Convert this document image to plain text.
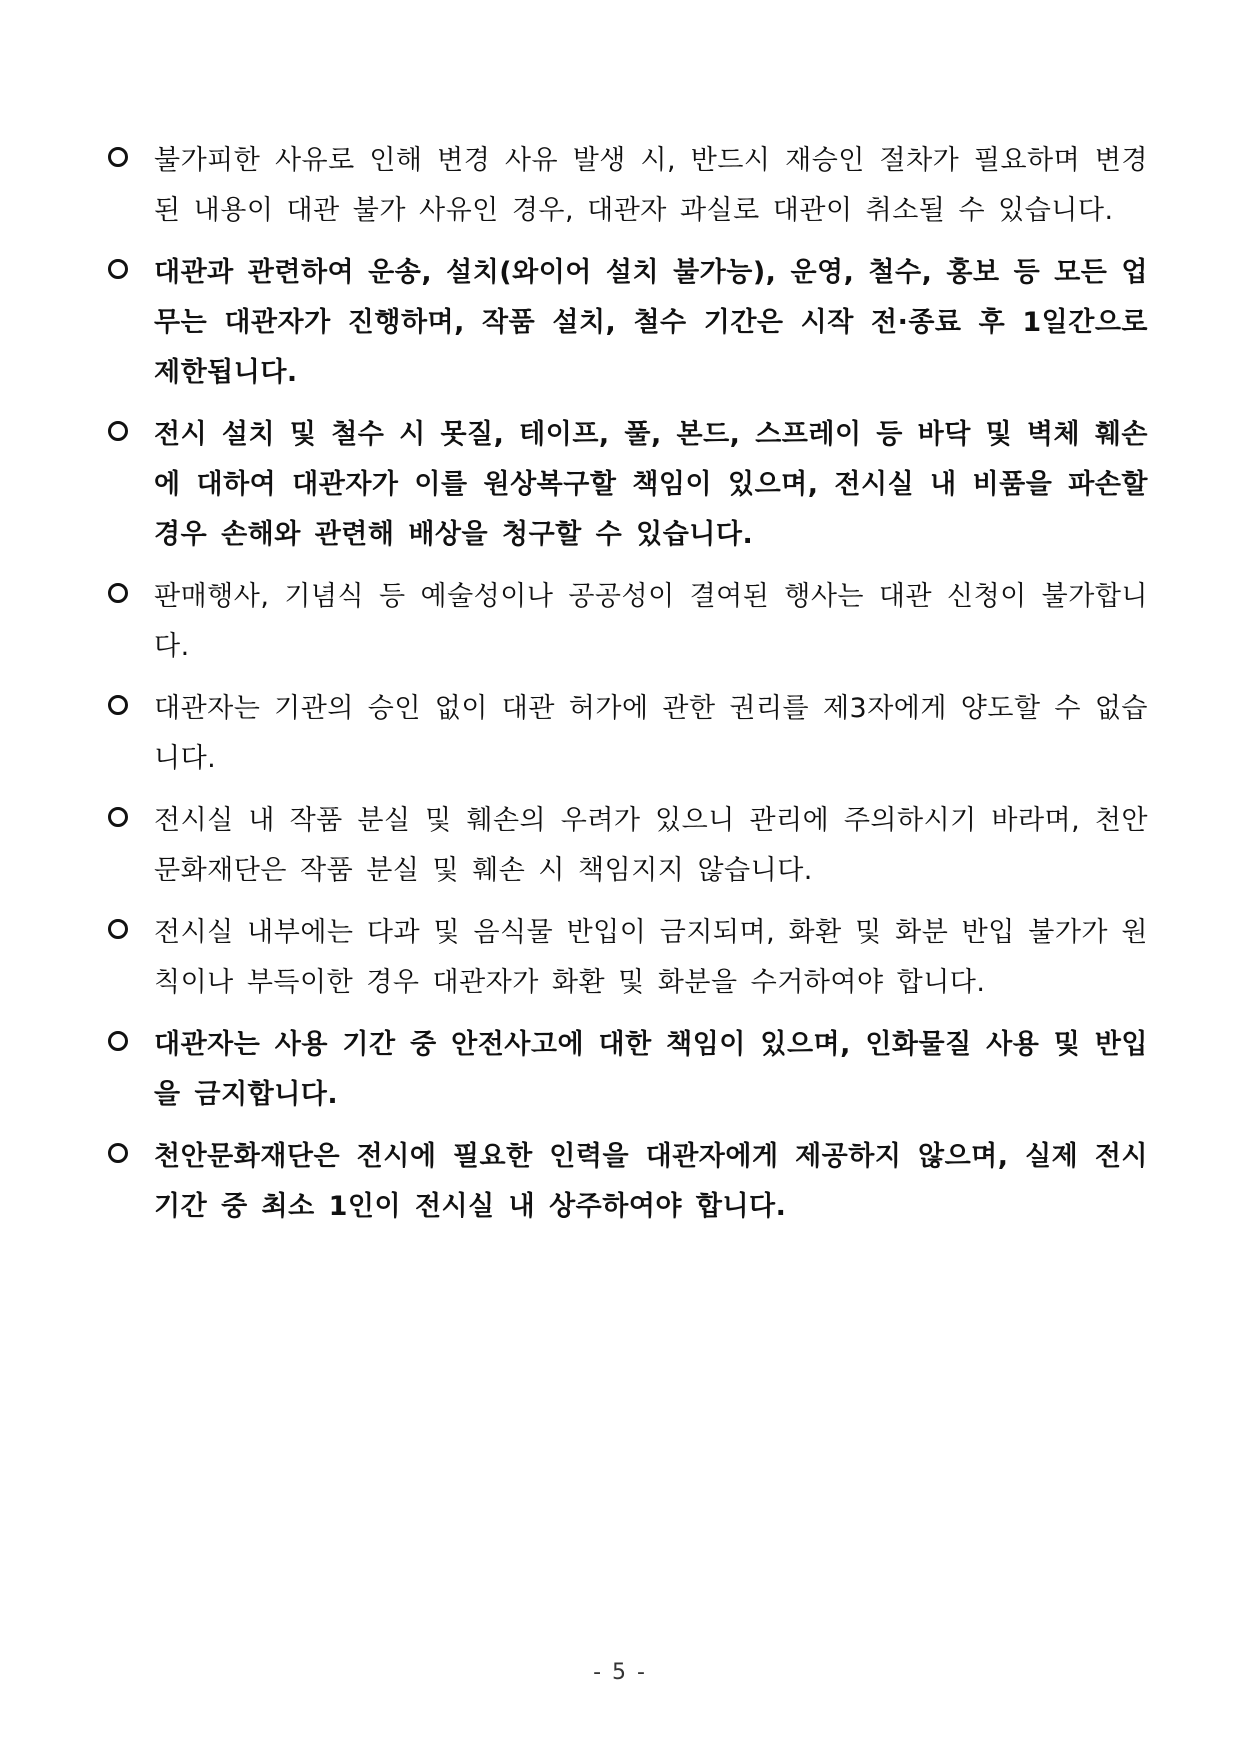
불가피한 사유로 인해 변경 사유 발생 시, 반드시 재승인 절차가 필요하며 변경된 내용이 대관 불가 사유인 경우, 대관자 과실로 대관이 취소될 수 있습니다.
대관과 관련하여 운송, 설치(와이어 설치 불가능), 운영, 철수, 홍보 등 모든 업무는 대관자가 진행하며, 작품 설치, 철수 기간은 시작 전·종료 후 1일간으로 제한됩니다.
전시 설치 및 철수 시 못질, 테이프, 풀, 본드, 스프레이 등 바닥 및 벽체 훼손에 대하여 대관자가 이를 원상복구할 책임이 있으며, 전시실 내 비품을 파손할 경우 손해와 관련해 배상을 청구할 수 있습니다.
판매행사, 기념식 등 예술성이나 공공성이 결여된 행사는 대관 신청이 불가합니다.
대관자는 기관의 승인 없이 대관 허가에 관한 권리를 제3자에게 양도할 수 없습니다.
전시실 내 작품 분실 및 훼손의 우려가 있으니 관리에 주의하시기 바라며, 천안문화재단은 작품 분실 및 훼손 시 책임지지 않습니다.
전시실 내부에는 다과 및 음식물 반입이 금지되며, 화환 및 화분 반입 불가가 원칙이나 부득이한 경우 대관자가 화환 및 화분을 수거하여야 합니다.
대관자는 사용 기간 중 안전사고에 대한 책임이 있으며, 인화물질 사용 및 반입을 금지합니다.
천안문화재단은 전시에 필요한 인력을 대관자에게 제공하지 않으며, 실제 전시 기간 중 최소 1인이 전시실 내 상주하여야 합니다.
- 5 -
